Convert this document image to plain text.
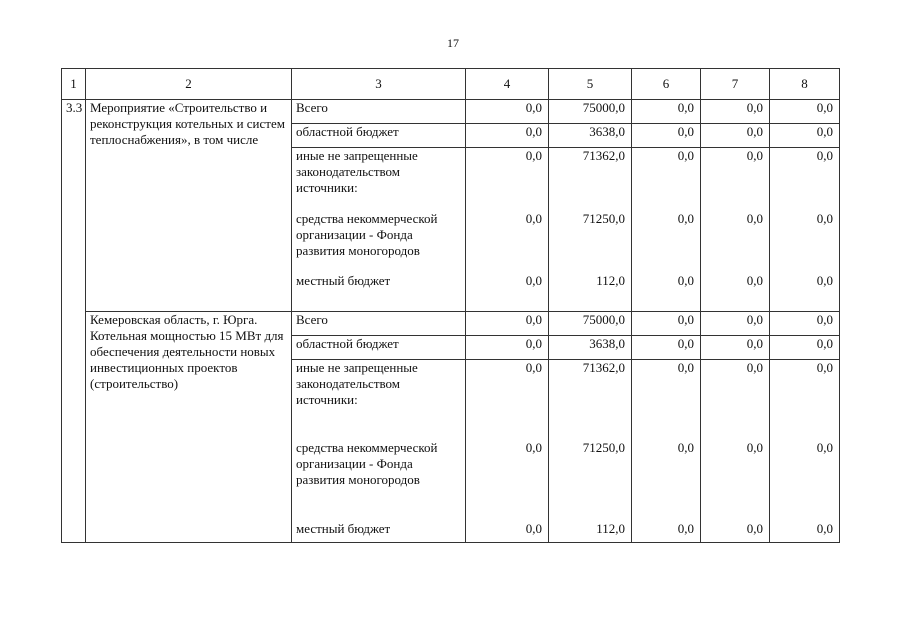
17
1	2	3	4	5	6	7	8
3.3	Мероприятие «Строительство и реконструкция котельных и систем теплоснабжения», в том числе	Всего	0,0	75000,0	0,0	0,0	0,0
		областной бюджет	0,0	3638,0	0,0	0,0	0,0
		иные не запрещенные законодательством источники:	0,0	71362,0	0,0	0,0	0,0
		средства некоммерческой организации - Фонда развития моногородов	0,0	71250,0	0,0	0,0	0,0
		местный бюджет	0,0	112,0	0,0	0,0	0,0
	Кемеровская область, г. Юрга. Котельная мощностью 15 МВт для обеспечения деятельности новых инвестиционных проектов (строительство)	Всего	0,0	75000,0	0,0	0,0	0,0
		областной бюджет	0,0	3638,0	0,0	0,0	0,0
		иные не запрещенные законодательством источники:	0,0	71362,0	0,0	0,0	0,0
		средства некоммерческой организации - Фонда развития моногородов	0,0	71250,0	0,0	0,0	0,0
		местный бюджет	0,0	112,0	0,0	0,0	0,0
